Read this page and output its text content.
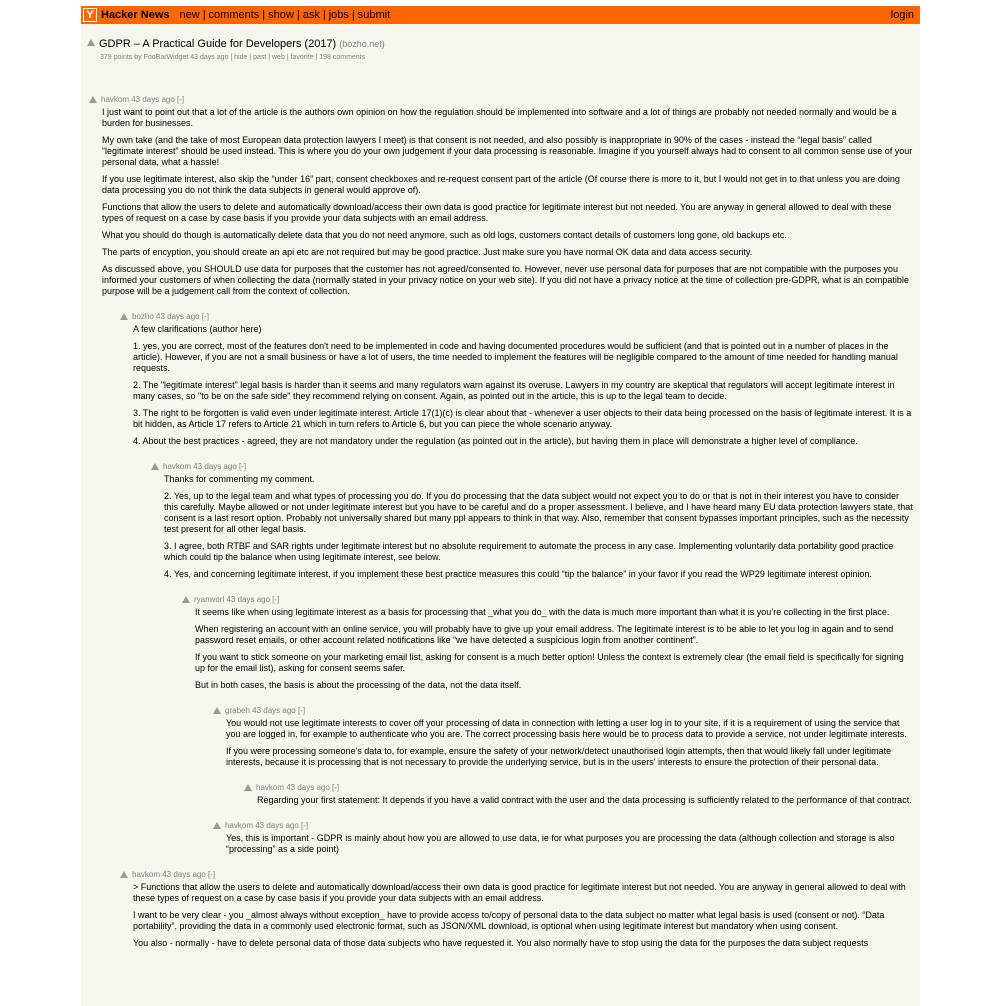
Y Hacker News new | comments | show | ask | jobs | submit	login
GDPR – A Practical Guide for Developers (2017) (bozho.net)
379 points by FooBarWidget 43 days ago | hide | past | web | favorite | 198 comments
havkom 43 days ago [-]

I just want to point out that a lot of the article is the authors own opinion on how the regulation should be implemented into software and a lot of things are probably not needed normally and would be a burden for businesses.

My own take (and the take of most European data protection lawyers I meet) is that consent is not needed, and also possibly is inappropriate in 90% of the cases - instead the “legal basis” called “legitimate interest” should be used instead. This is where you do your own judgement if your data processing is reasonable. Imagine if you yourself always had to consent to all common sense use of your personal data, what a hassle!

If you use legitimate interest, also skip the “under 16” part, consent checkboxes and re-request consent part of the article (Of course there is more to it, but I would not get in to that unless you are doing data processing you do not think the data subjects in general would approve of).

Functions that allow the users to delete and automatically download/access their own data is good practice for legitimate interest but not needed. You are anyway in general allowed to deal with these types of request on a case by case basis if you provide your data subjects with an email address.

What you should do though is automatically delete data that you do not need anymore, such as old logs, customers contact details of customers long gone, old backups etc.

The parts of encyption, you should create an api etc are not required but may be good practice. Just make sure you have normal OK data and data access security.

As discussed above, you SHOULD use data for purposes that the customer has not agreed/consented to. However, never use personal data for purposes that are not compatible with the purposes you informed your customers of when collecting the data (normally stated in your privacy notice on your web site). If you did not have a privacy notice at the time of collection pre-GDPR, what is an compatible purpose will be a judgement call from the context of collection.

bozho 43 days ago [-]

A few clarifications (author here)

1. yes, you are correct, most of the features don't need to be implemented in code and having documented procedures would be sufficient (and that is pointed out in a number of places in the article). However, if you are not a small business or have a lot of users, the time needed to implement the features will be negligible compared to the amount of time needed for handling manual requests.

2. The "legitimate interest" legal basis is harder than it seems and many regulators warn against its overuse. Lawyers in my country are skeptical that regulators will accept legitimate interest in many cases, so "to be on the safe side" they recommend relying on consent. Again, as pointed out in the article, this is up to the legal team to decide.

3. The right to be forgotten is valid even under legitimate interest. Article 17(1)(c) is clear about that - whenever a user objects to their data being processed on the basis of legitimate interest. It is a bit hidden, as Article 17 refers to Article 21 which in turn refers to Article 6, but you can piece the whole scenario anyway.

4. About the best practices - agreed, they are not mandatory under the regulation (as pointed out in the article), but having them in place will demonstrate a higher level of compliance.

havkom 43 days ago [-]

Thanks for commenting my comment.

2. Yes, up to the legal team and what types of processing you do. If you do processing that the data subject would not expect you to do or that is not in their interest you have to consider this carefully. Maybe allowed or not under legitimate interest but you have to be careful and do a proper assessment. I believe, and I have heard many EU data protection lawyers state, that consent is a last resort option. Probably not universally shared but many ppl appears to think in that way. Also, remember that consent bypasses important principles, such as the necessity test present for all other legal basis.

3. I agree, both RTBF and SAR rights under legitimate interest but no absolute requirement to automate the process in any case. Implementing voluntarily data portability good practice which could tip the balance when using legitimate interest, see below.

4. Yes, and concerning legitimate interest, if you implement these best practice measures this could “tip the balance” in your favor if you read the WP29 legitimate interest opinion.

ryanworl 43 days ago [-]

It seems like when using legitimate interest as a basis for processing that _what you do_ with the data is much more important than what it is you’re collecting in the first place.

When registering an account with an online service, you will probably have to give up your email address. The legitimate interest is to be able to let you log in again and to send password reset emails, or other account related notifications like “we have detected a suspicious login from another continent”.

If you want to stick someone on your marketing email list, asking for consent is a much better option! Unless the context is extremely clear (the email field is specifically for signing up for the email list), asking for consent seems safer.

But in both cases, the basis is about the processing of the data, not the data itself.

grabeh 43 days ago [-]

You would not use legitimate interests to cover off your processing of data in connection with letting a user log in to your site, if it is a requirement of using the service that you are logged in, for example to authenticate who you are. The correct processing basis here would be to process data to provide a service, not under legitimate interests.

If you were processing someone's data to, for example, ensure the safety of your network/detect unauthorised login attempts, then that would likely fall under legitimate interests, because it is processing that is not necessary to provide the underlying service, but is in the users' interests to ensure the protection of their personal data.

havkom 43 days ago [-]

Regarding your first statement: It depends if you have a valid contract with the user and the data processing is sufficiently related to the performance of that contract.

havkom 43 days ago [-]

Yes, this is important - GDPR is mainly about how you are allowed to use data, ie for what purposes you are processing the data (although collection and storage is also “processing” as a side point)

havkom 43 days ago [-]

> Functions that allow the users to delete and automatically download/access their own data is good practice for legitimate interest but not needed. You are anyway in general allowed to deal with these types of request on a case by case basis if you provide your data subjects with an email address.

I want to be very clear - you _almost always without exception_ have to provide access to/copy of personal data to the data subject no matter what legal basis is used (consent or not). “Data portability”, providing the data in a commonly used electronic format, such as JSON/XML download, is optional when using legitimate interest but mandatory when using consent.

You also - normally - have to delete personal data of those data subjects who have requested it. You also normally have to stop using the data for the purposes the data subject requests
